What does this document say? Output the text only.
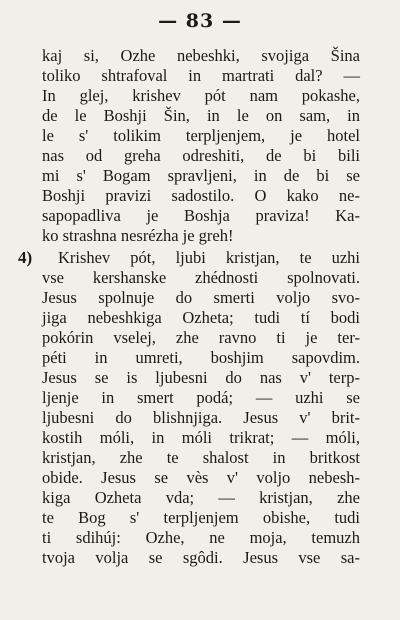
— 83 —
kaj si, Ozhe nebeshki, svojiga Šina
toliko shtrafoval in martrati dal? —
In glej, krishev pót nam pokashe,
de le Boshji Šin, in le on sam, in
le s' tolikim terpljenjem, je hotel
nas od greha odreshiti, de bi bili
mi s' Bogam spravljeni, in de bi se
Boshji pravizi sadostilo. O kako ne-
sapopadliva je Boshja praviza! Ka-
ko strashna nesrézha je greh!
4) Krishev pót, ljubi kristjan, te uzhi
vse kershanske zhédnosti spolnovati.
Jesus spolnuje do smerti voljo svo-
jiga nebeshkiga Ozheta; tudi tí bodi
pokórin vselej, zhe ravno ti je ter-
péti in umreti, boshjim sapovdim.
Jesus se is ljubesni do nas v' terp-
ljenje in smert podá; — uzhi se
ljubesni do blishnjiga. Jesus v' brit-
kostih móli, in móli trikrat; — móli,
kristjan, zhe te shalost in britkost
obide. Jesus se vès v' voljo nebesh-
kiga Ozheta vda; — kristjan, zhe
te Bog s' terpljenjem obishe, tudi
ti sdihúj: Ozhe, ne moja, temuzh
tvoja volja se sgôdi. Jesus vse sa-
